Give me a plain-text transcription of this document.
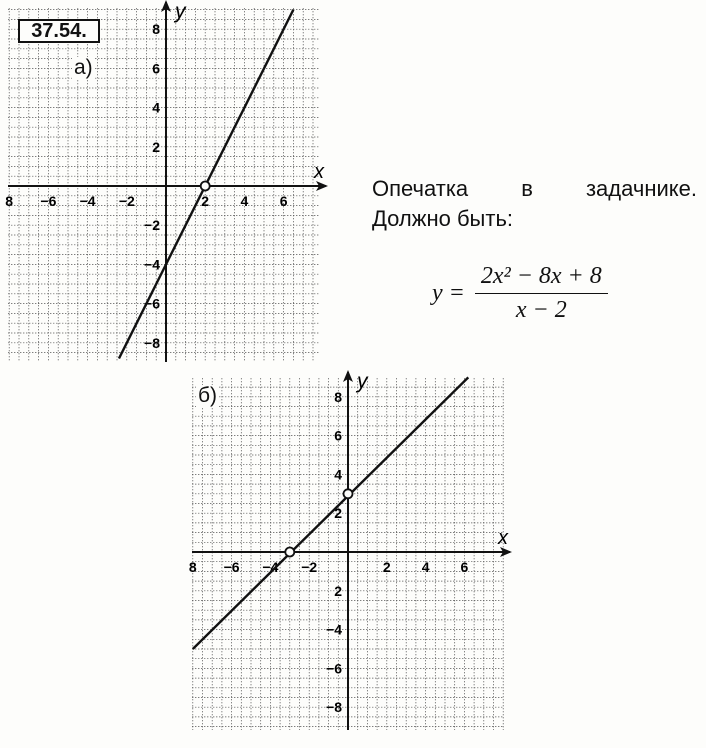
x
y
8 −6 −4 −2	2 4 6
8
6
4
2
−2
−4
−6
−8
x
y
8 −6 −4 −2	2 4 6
8
6
4
2
2
−4
−6
−8
37.54.
а)
б)
Опечатка в задачнике.
Должно быть:
$y = \frac{\text{2x² − 8x + 8}}{x - 2}$
